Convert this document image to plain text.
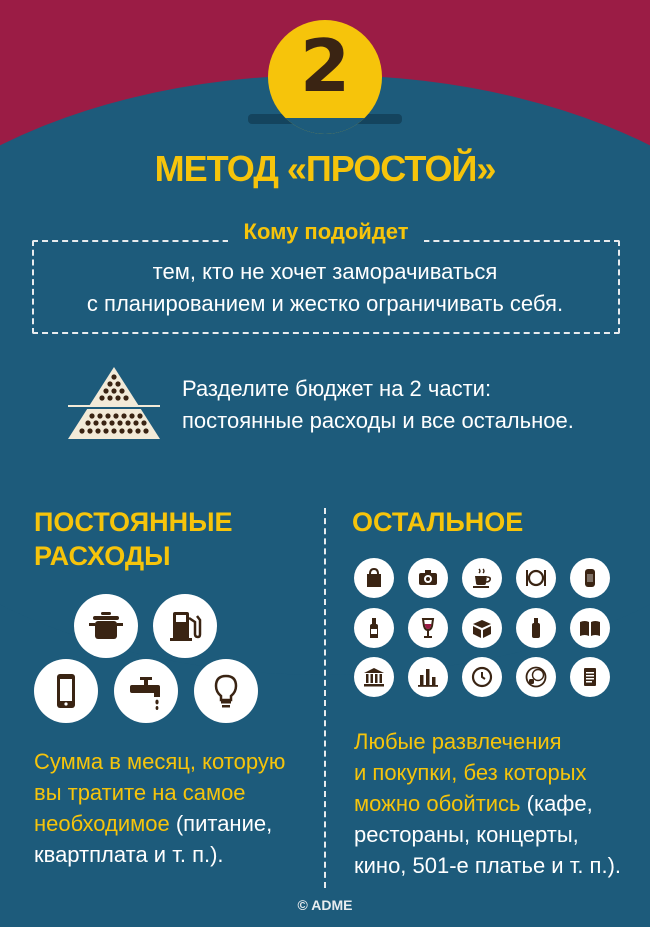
2
МЕТОД «ПРОСТОЙ»
Кому подойдет
тем, кто не хочет заморачиваться
с планированием и жестко ограничивать себя.
Разделите бюджет на 2 части:
постоянные расходы и все остальное.
ПОСТОЯННЫЕ
РАСХОДЫ
Сумма в месяц, которую
вы тратите на самое
необходимое (питание,
квартплата и т. п.).
ОСТАЛЬНОЕ
Любые развлечения
и покупки, без которых
можно обойтись (кафе,
рестораны, концерты,
кино, 501-е платье и т. п.).
© ADME
